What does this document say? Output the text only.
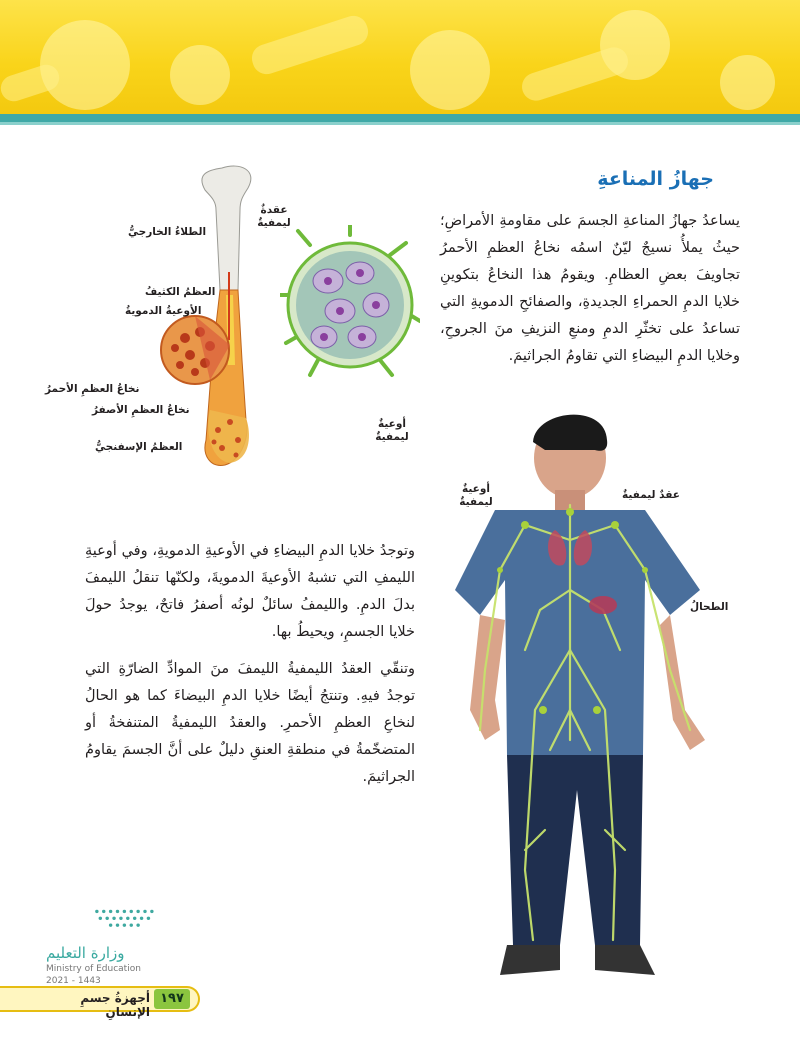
جهازُ المناعةِ

يساعدُ جهازُ المناعةِ الجسمَ على مقاومةِ الأمراضِ؛ حيثُ يملأُ نسيجٌ ليّنٌ اسمُه نخاعُ العظمِ الأحمرُ تجاويفَ بعضِ العظامِ. ويقومُ هذا النخاعُ بتكوينِ خلايا الدمِ الحمراءِ الجديدةِ، والصفائحِ الدمويةِ التي تساعدُ على تخثّرِ الدمِ ومنعِ النزيفِ منَ الجروحِ، وخلايا الدمِ البيضاءِ التي تقاومُ الجراثيمَ.

وتوجدُ خلايا الدمِ البيضاءِ في الأوعيةِ الدمويةِ، وفي أوعيةِ الليمفِ التي تشبهُ الأوعيةَ الدمويةَ، ولكنّها تنقلُ الليمفَ بدلَ الدمِ. والليمفُ سائلٌ لونُه أصفرُ فاتحٌ، يوجدُ حولَ خلايا الجسمِ، ويحيطُ بها.

وتنقّي العقدُ الليمفيةُ الليمفَ منَ الموادِّ الضارّةِ التي توجدُ فيهِ. وتنتجُ أيضًا خلايا الدمِ البيضاءَ كما هو الحالُ لنخاعِ العظمِ الأحمرِ. والعقدُ الليمفيةُ المتنفخةُ أو المتضخّمةُ في منطقةِ العنقِ دليلٌ على أنَّ الجسمَ يقاومُ الجراثيمَ.

الطلاءُ الخارجيُّ
العظمُ الكثيفُ
الأوعيةُ الدمويةُ
نخاعُ العظمِ الأحمرُ
نخاعُ العظمِ الأصفرُ
العظمُ الإسفنجيُّ
عقدةٌ ليمفيةٌ
أوعيةٌ ليمفيةٌ
أوعيةٌ ليمفيةٌ
عقدٌ ليمفيةٌ
الطحالُ
وزارة التعليم
Ministry of Education
2021 - 1443
١٩٧
أجهزةُ جسمِ الإنسانِ
